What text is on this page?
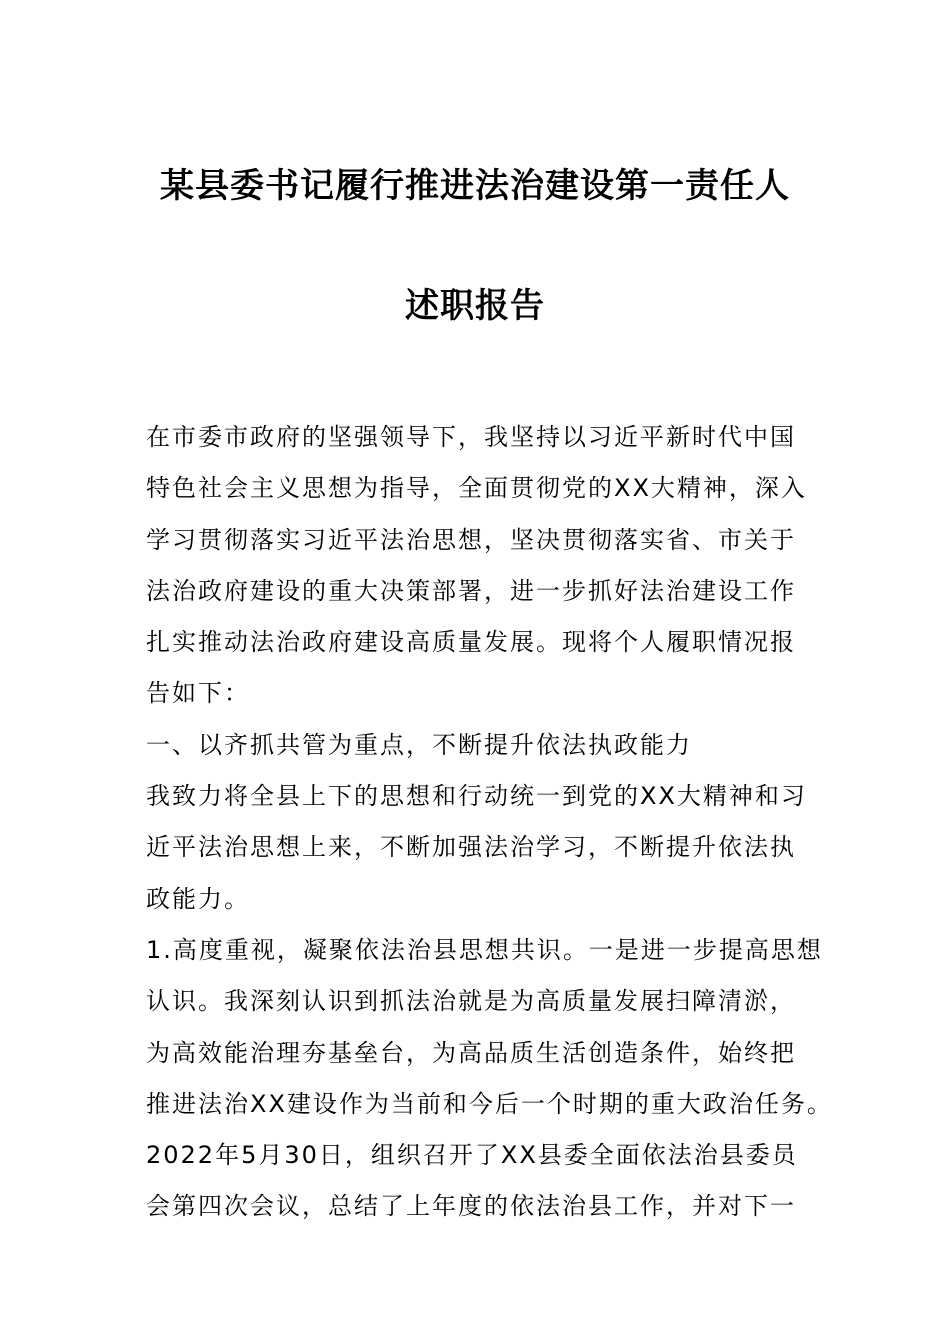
某县委书记履行推进法治建设第一责任人
述职报告
在市委市政府的坚强领导下，我坚持以习近平新时代中国
特色社会主义思想为指导，全面贯彻党的XX大精神，深入
学习贯彻落实习近平法治思想，坚决贯彻落实省、市关于
法治政府建设的重大决策部署，进一步抓好法治建设工作
扎实推动法治政府建设高质量发展。现将个人履职情况报
告如下：
一、以齐抓共管为重点，不断提升依法执政能力
我致力将全县上下的思想和行动统一到党的XX大精神和习
近平法治思想上来，不断加强法治学习，不断提升依法执
政能力。
1.高度重视，凝聚依法治县思想共识。一是进一步提高思想
认识。我深刻认识到抓法治就是为高质量发展扫障清淤，
为高效能治理夯基垒台，为高品质生活创造条件，始终把
推进法治XX建设作为当前和今后一个时期的重大政治任务。
2022年5月30日，组织召开了XX县委全面依法治县委员
会第四次会议，总结了上年度的依法治县工作，并对下一
